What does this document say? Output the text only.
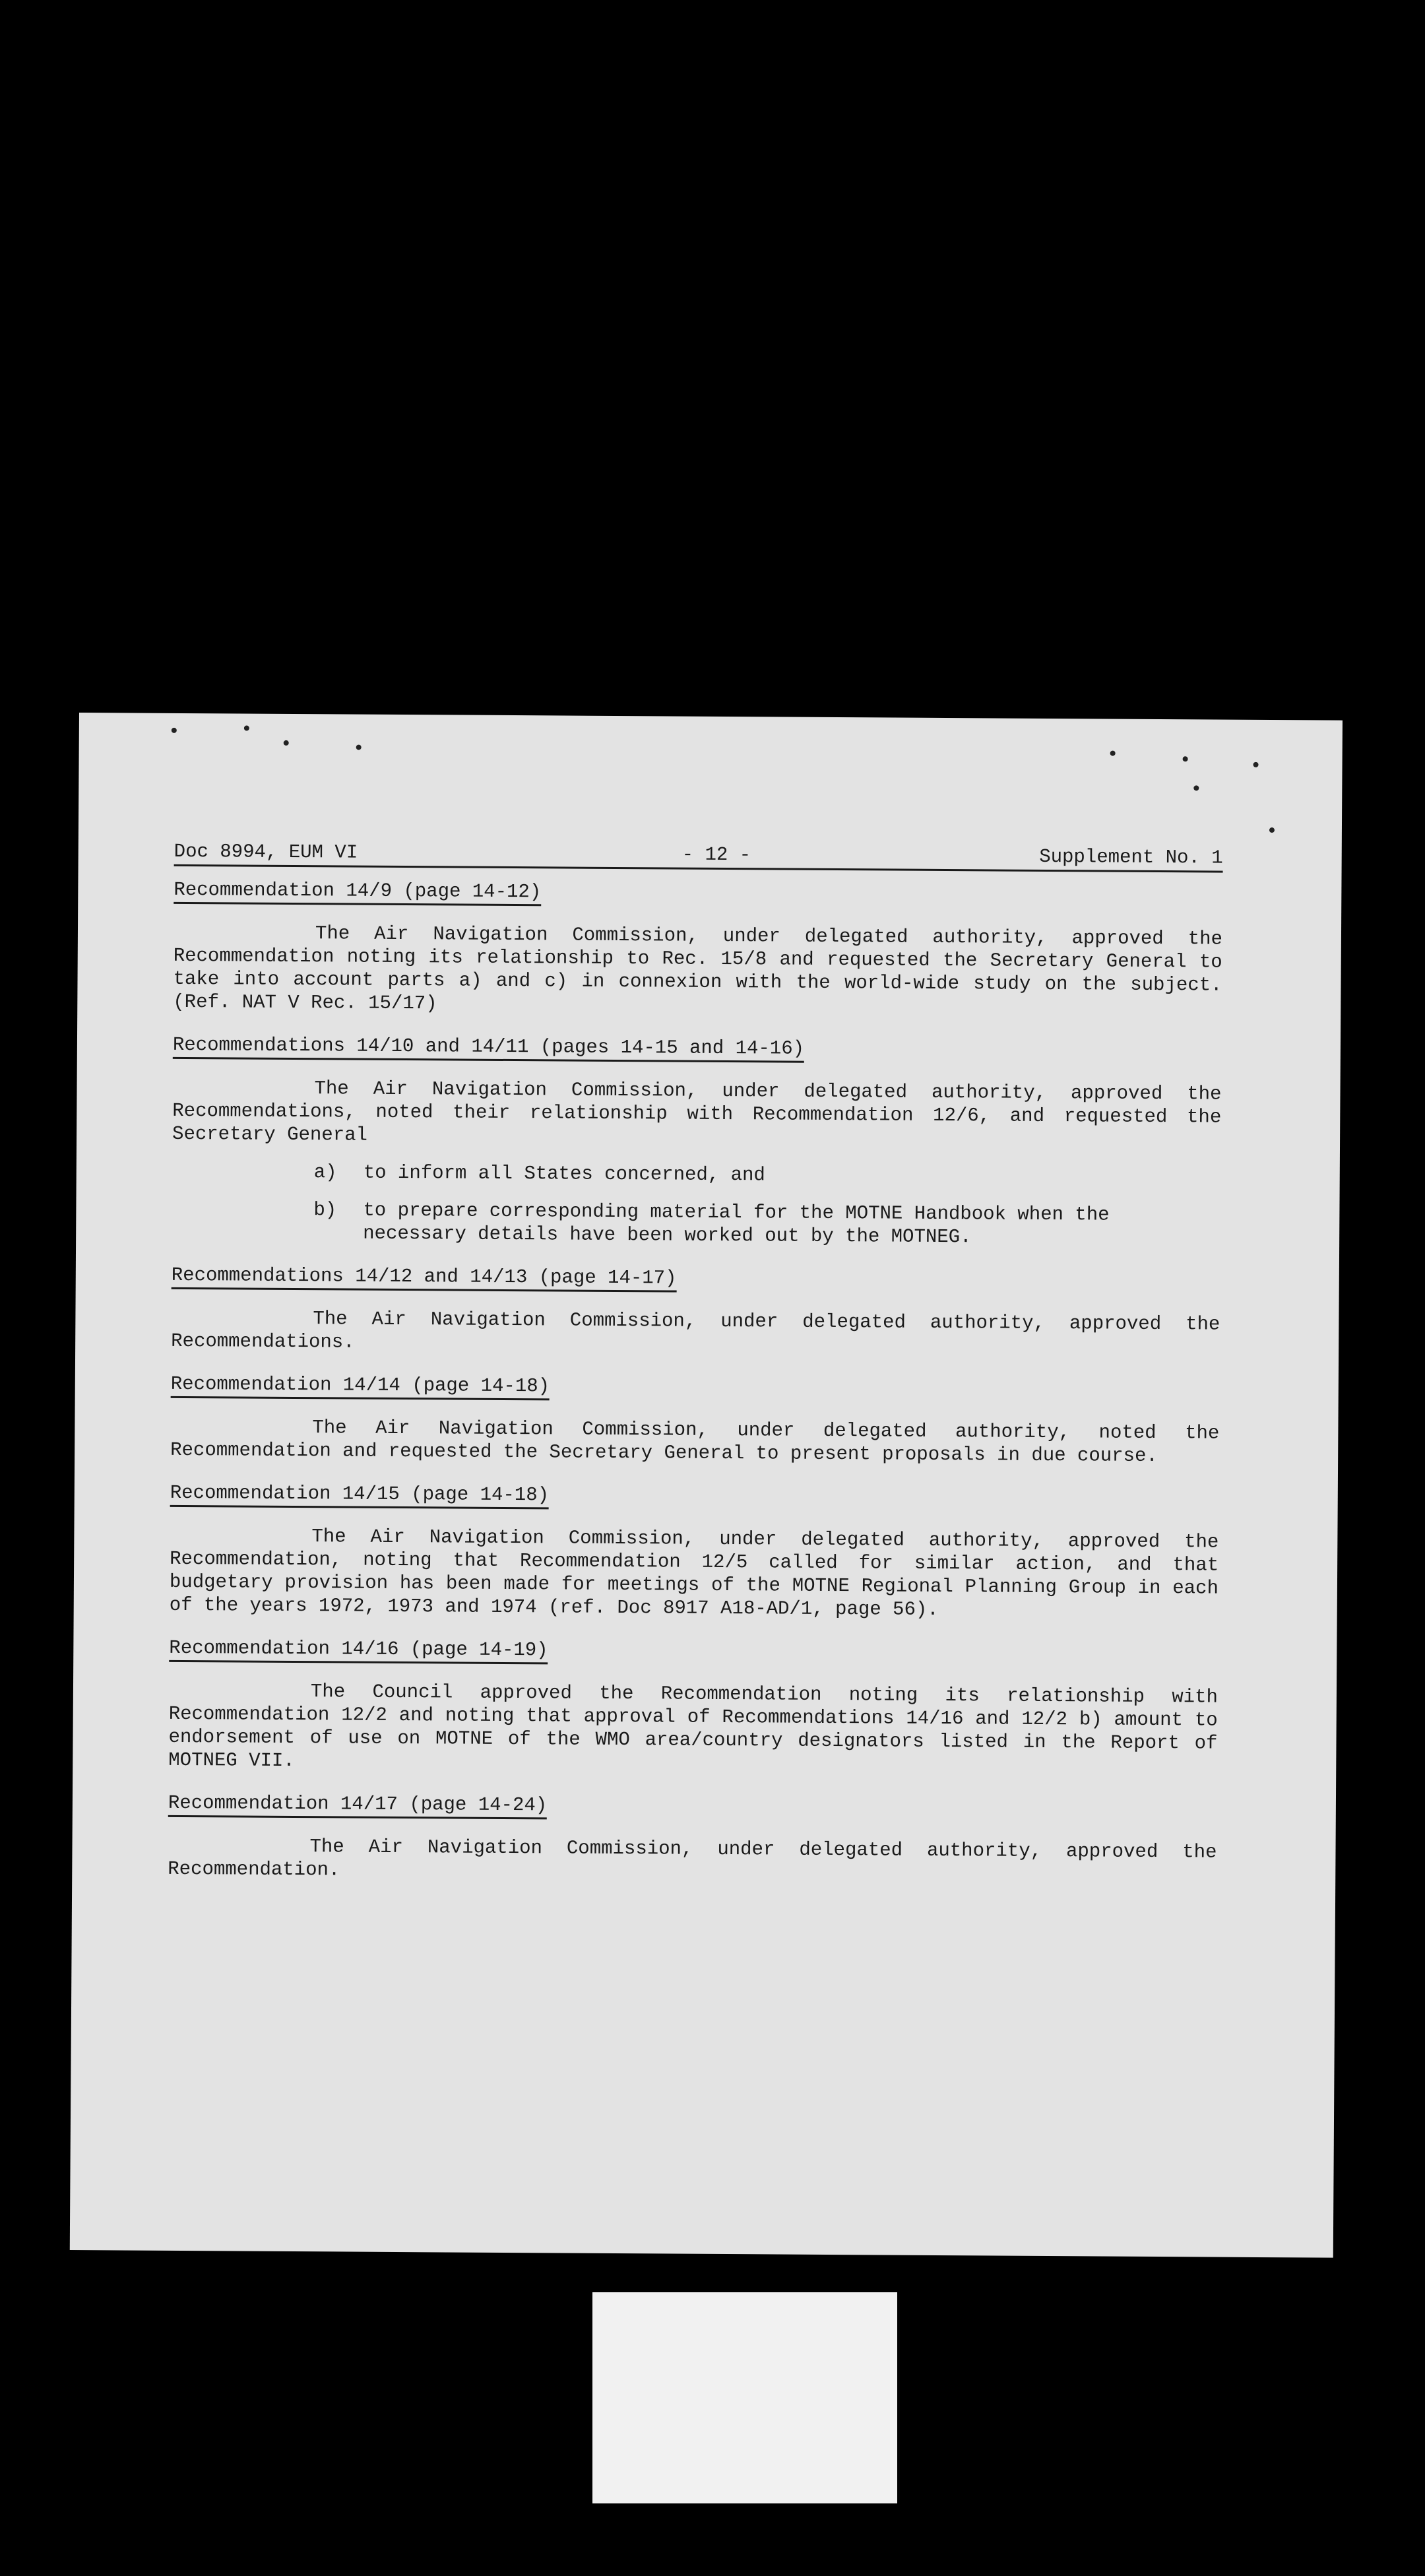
Doc 8994, EUM VI	- 12 -	Supplement No. 1
Recommendation 14/9 (page 14-12)

The Air Navigation Commission, under delegated authority, approved the Recommendation noting its relationship to Rec. 15/8 and requested the Secretary General to take into account parts a) and c) in connexion with the world-wide study on the subject. (Ref. NAT V Rec. 15/17)

Recommendations 14/10 and 14/11 (pages 14-15 and 14-16)

The Air Navigation Commission, under delegated authority, approved the Recommendations, noted their relationship with Recommendation 12/6, and requested the Secretary General

a)	to inform all States concerned, and
b)	to prepare corresponding material for the MOTNE Handbook when the necessary details have been worked out by the MOTNEG.
Recommendations 14/12 and 14/13 (page 14-17)

The Air Navigation Commission, under delegated authority, approved the Recommendations.

Recommendation 14/14 (page 14-18)

The Air Navigation Commission, under delegated authority, noted the Recommendation and requested the Secretary General to present proposals in due course.

Recommendation 14/15 (page 14-18)

The Air Navigation Commission, under delegated authority, approved the Recommendation, noting that Recommendation 12/5 called for similar action, and that budgetary provision has been made for meetings of the MOTNE Regional Planning Group in each of the years 1972, 1973 and 1974 (ref. Doc 8917 A18-AD/1, page 56).

Recommendation 14/16 (page 14-19)

The Council approved the Recommendation noting its relationship with Recommendation 12/2 and noting that approval of Recommendations 14/16 and 12/2 b) amount to endorsement of use on MOTNE of the WMO area/country designators listed in the Report of MOTNEG VII.

Recommendation 14/17 (page 14-24)

The Air Navigation Commission, under delegated authority, approved the Recommendation.
